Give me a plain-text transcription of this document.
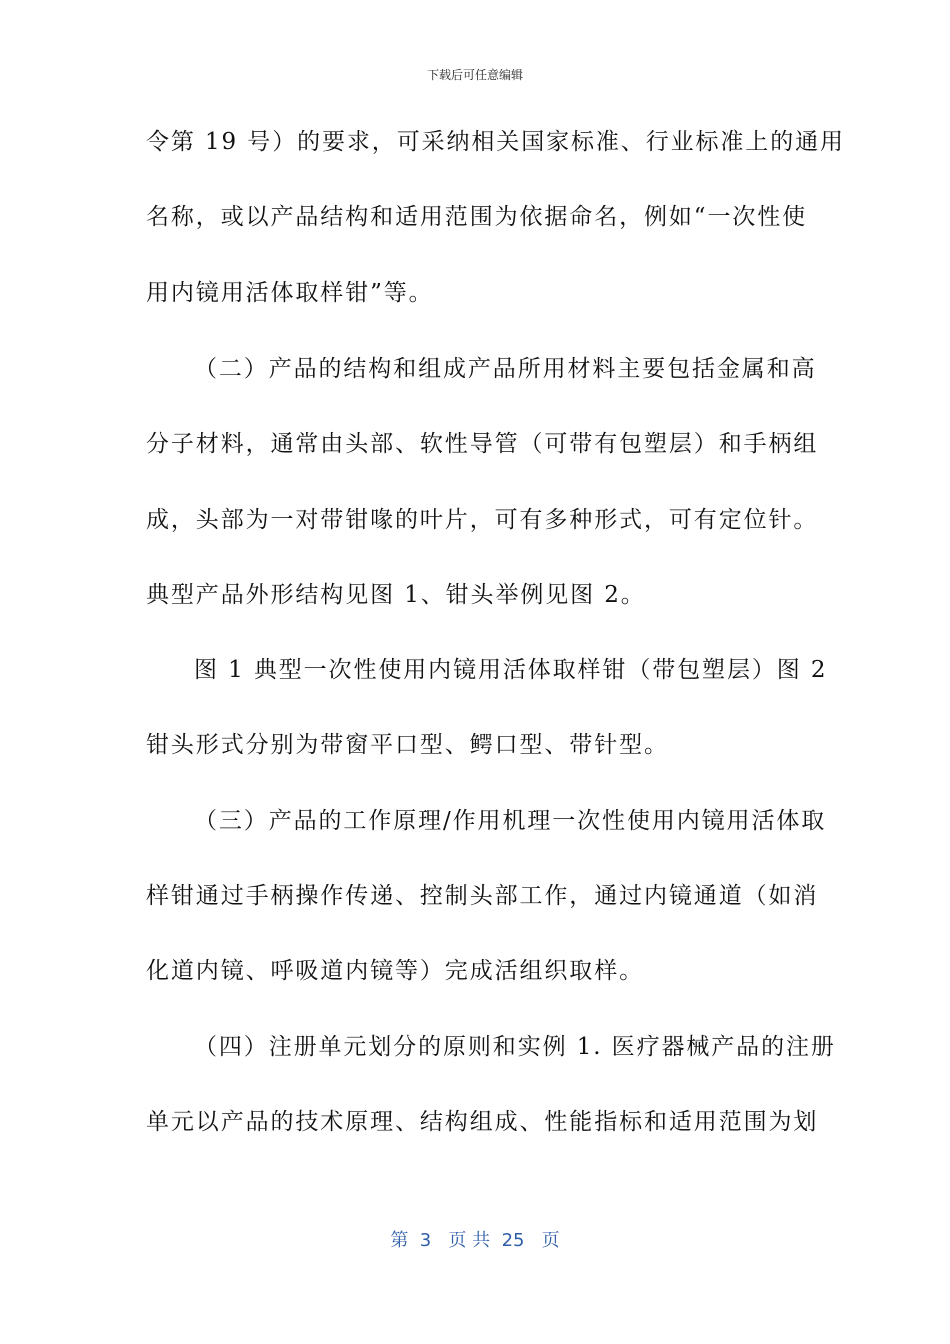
下载后可任意编辑
令第 19 号）的要求，可采纳相关国家标准、行业标准上的通用
名称，或以产品结构和适用范围为依据命名，例如“一次性使
用内镜用活体取样钳”等。
（二）产品的结构和组成产品所用材料主要包括金属和高
分子材料，通常由头部、软性导管（可带有包塑层）和手柄组
成，头部为一对带钳喙的叶片，可有多种形式，可有定位针。
典型产品外形结构见图 1、钳头举例见图 2。
图 1 典型一次性使用内镜用活体取样钳（带包塑层）图 2
钳头形式分别为带窗平口型、鳄口型、带针型。
（三）产品的工作原理/作用机理一次性使用内镜用活体取
样钳通过手柄操作传递、控制头部工作，通过内镜通道（如消
化道内镜、呼吸道内镜等）完成活组织取样。
（四）注册单元划分的原则和实例 1. 医疗器械产品的注册
单元以产品的技术原理、结构组成、性能指标和适用范围为划
第  3   页 共  25   页
